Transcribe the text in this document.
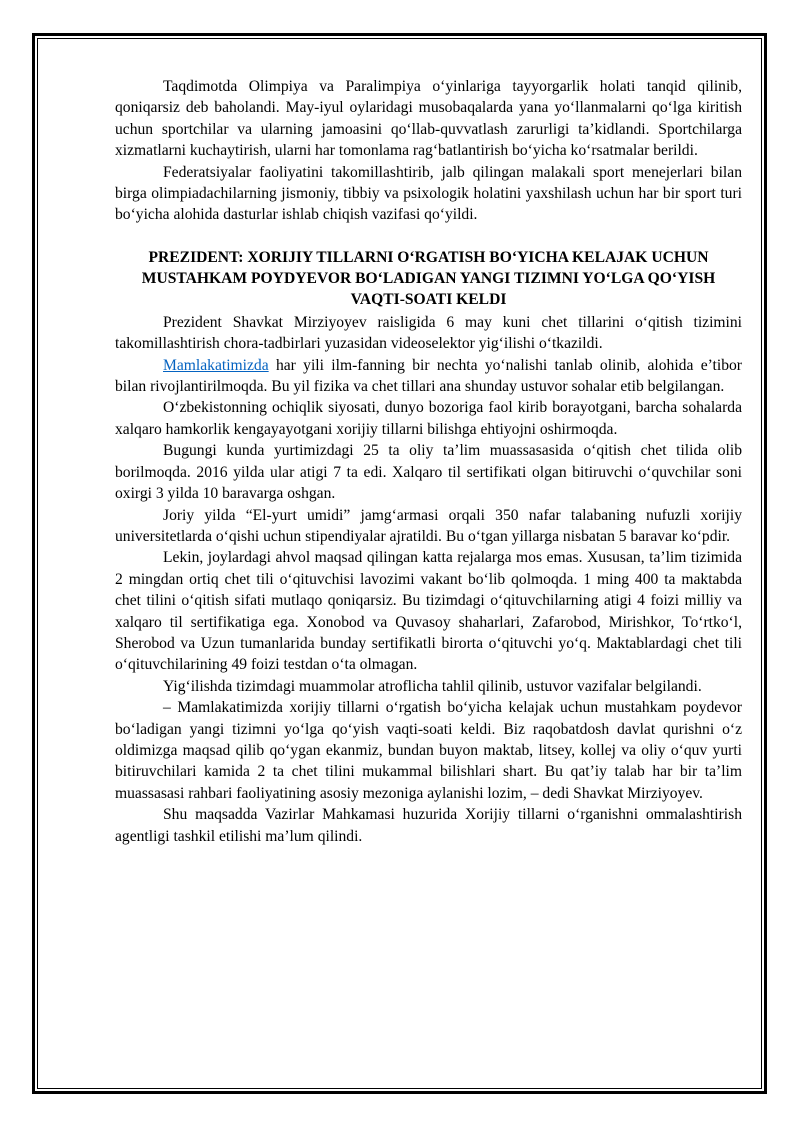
Taqdimotda Olimpiya va Paralimpiya o‘yinlariga tayyorgarlik holati tanqid qilinib, qoniqarsiz deb baholandi. May-iyul oylaridagi musobaqalarda yana yo‘llanmalarni qo‘lga kiritish uchun sportchilar va ularning jamoasini qo‘llab-quvvatlash zarurligi ta’kidlandi. Sportchilarga xizmatlarni kuchaytirish, ularni har tomonlama rag‘batlantirish bo‘yicha ko‘rsatmalar berildi.

Federatsiyalar faoliyatini takomillashtirib, jalb qilingan malakali sport menejerlari bilan birga olimpiadachilarning jismoniy, tibbiy va psixologik holatini yaxshilash uchun har bir sport turi bo‘yicha alohida dasturlar ishlab chiqish vazifasi qo‘yildi.

PREZIDENT: XORIJIY TILLARNI O‘RGATISH BO‘YICHA KELAJAK UCHUN MUSTAHKAM POYDYEVOR BO‘LADIGAN YANGI TIZIMNI YO‘LGA QO‘YISH VAQTI-SOATI KELDI

Prezident Shavkat Mirziyoyev raisligida 6 may kuni chet tillarini o‘qitish tizimini takomillashtirish chora-tadbirlari yuzasidan videoselektor yig‘ilishi o‘tkazildi.

Mamlakatimizda har yili ilm-fanning bir nechta yo‘nalishi tanlab olinib, alohida e’tibor bilan rivojlantirilmoqda. Bu yil fizika va chet tillari ana shunday ustuvor sohalar etib belgilangan.

O‘zbekistonning ochiqlik siyosati, dunyo bozoriga faol kirib borayotgani, barcha sohalarda xalqaro hamkorlik kengayayotgani xorijiy tillarni bilishga ehtiyojni oshirmoqda.

Bugungi kunda yurtimizdagi 25 ta oliy ta’lim muassasasida o‘qitish chet tilida olib borilmoqda. 2016 yilda ular atigi 7 ta edi. Xalqaro til sertifikati olgan bitiruvchi o‘quvchilar soni oxirgi 3 yilda 10 baravarga oshgan.

Joriy yilda “El-yurt umidi” jamg‘armasi orqali 350 nafar talabaning nufuzli xorijiy universitetlarda o‘qishi uchun stipendiyalar ajratildi. Bu o‘tgan yillarga nisbatan 5 baravar ko‘pdir.

Lekin, joylardagi ahvol maqsad qilingan katta rejalarga mos emas. Xususan, ta’lim tizimida 2 mingdan ortiq chet tili o‘qituvchisi lavozimi vakant bo‘lib qolmoqda. 1 ming 400 ta maktabda chet tilini o‘qitish sifati mutlaqo qoniqarsiz. Bu tizimdagi o‘qituvchilarning atigi 4 foizi milliy va xalqaro til sertifikatiga ega. Xonobod va Quvasoy shaharlari, Zafarobod, Mirishkor, To‘rtko‘l, Sherobod va Uzun tumanlarida bunday sertifikatli birorta o‘qituvchi yo‘q. Maktablardagi chet tili o‘qituvchilarining 49 foizi testdan o‘ta olmagan.

Yig‘ilishda tizimdagi muammolar atroflicha tahlil qilinib, ustuvor vazifalar belgilandi.

– Mamlakatimizda xorijiy tillarni o‘rgatish bo‘yicha kelajak uchun mustahkam poydevor bo‘ladigan yangi tizimni yo‘lga qo‘yish vaqti-soati keldi. Biz raqobatdosh davlat qurishni o‘z oldimizga maqsad qilib qo‘ygan ekanmiz, bundan buyon maktab, litsey, kollej va oliy o‘quv yurti bitiruvchilari kamida 2 ta chet tilini mukammal bilishlari shart. Bu qat’iy talab har bir ta’lim muassasasi rahbari faoliyatining asosiy mezoniga aylanishi lozim, – dedi Shavkat Mirziyoyev.

Shu maqsadda Vazirlar Mahkamasi huzurida Xorijiy tillarni o‘rganishni ommalashtirish agentligi tashkil etilishi ma’lum qilindi.
